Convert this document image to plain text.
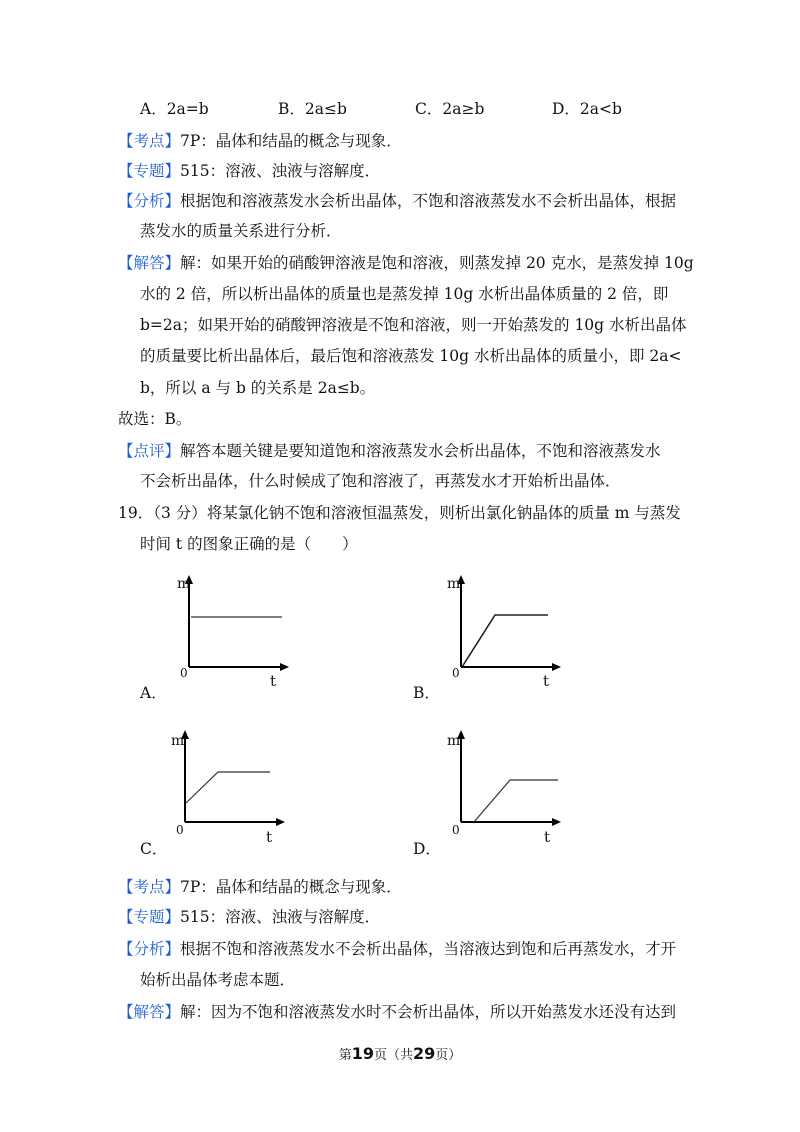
A．2a=b	B．2a≤b	C．2a≥b	D．2a<b
【考点】7P：晶体和结晶的概念与现象．
【专题】515：溶液、浊液与溶解度．
【分析】根据饱和溶液蒸发水会析出晶体，不饱和溶液蒸发水不会析出晶体，根据
蒸发水的质量关系进行分析．
【解答】解：如果开始的硝酸钾溶液是饱和溶液，则蒸发掉 20 克水，是蒸发掉 10g
水的 2 倍，所以析出晶体的质量也是蒸发掉 10g 水析出晶体质量的 2 倍，即
b=2a；如果开始的硝酸钾溶液是不饱和溶液，则一开始蒸发的 10g 水析出晶体
的质量要比析出晶体后，最后饱和溶液蒸发 10g 水析出晶体的质量小，即 2a<
b，所以 a 与 b 的关系是 2a≤b。
故选：B。
【点评】解答本题关键是要知道饱和溶液蒸发水会析出晶体，不饱和溶液蒸发水
不会析出晶体，什么时候成了饱和溶液了，再蒸发水才开始析出晶体．
19．（3 分）将某氯化钠不饱和溶液恒温蒸发，则析出氯化钠晶体的质量 m 与蒸发
时间 t 的图象正确的是（　　）
m
0	t
A．
m
0	t
B．
m
0	t
C．
m
0	t
D．
【考点】7P：晶体和结晶的概念与现象．
【专题】515：溶液、浊液与溶解度．
【分析】根据不饱和溶液蒸发水不会析出晶体，当溶液达到饱和后再蒸发水，才开
始析出晶体考虑本题．
【解答】解：因为不饱和溶液蒸发水时不会析出晶体，所以开始蒸发水还没有达到
第19页（共29页）
